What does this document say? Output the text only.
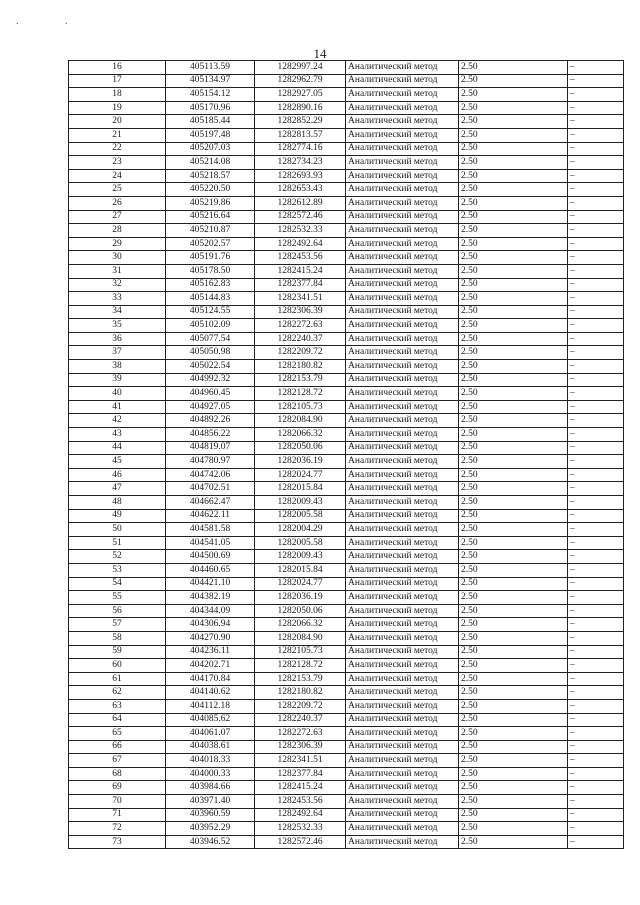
. .
14
16	405113.59	1282997.24	Аналитический метод	2.50	–
17	405134.97	1282962.79	Аналитический метод	2.50	–
18	405154.12	1282927.05	Аналитический метод	2.50	–
19	405170.96	1282890.16	Аналитический метод	2.50	–
20	405185.44	1282852.29	Аналитический метод	2.50	–
21	405197.48	1282813.57	Аналитический метод	2.50	–
22	405207.03	1282774.16	Аналитический метод	2.50	–
23	405214.08	1282734.23	Аналитический метод	2.50	–
24	405218.57	1282693.93	Аналитический метод	2.50	–
25	405220.50	1282653.43	Аналитический метод	2.50	–
26	405219.86	1282612.89	Аналитический метод	2.50	–
27	405216.64	1282572.46	Аналитический метод	2.50	–
28	405210.87	1282532.33	Аналитический метод	2.50	–
29	405202.57	1282492.64	Аналитический метод	2.50	–
30	405191.76	1282453.56	Аналитический метод	2.50	–
31	405178.50	1282415.24	Аналитический метод	2.50	–
32	405162.83	1282377.84	Аналитический метод	2.50	–
33	405144.83	1282341.51	Аналитический метод	2.50	–
34	405124.55	1282306.39	Аналитический метод	2.50	–
35	405102.09	1282272.63	Аналитический метод	2.50	–
36	405077.54	1282240.37	Аналитический метод	2.50	–
37	405050.98	1282209.72	Аналитический метод	2.50	–
38	405022.54	1282180.82	Аналитический метод	2.50	–
39	404992.32	1282153.79	Аналитический метод	2.50	–
40	404960.45	1282128.72	Аналитический метод	2.50	–
41	404927.05	1282105.73	Аналитический метод	2.50	–
42	404892.26	1282084.90	Аналитический метод	2.50	–
43	404856.22	1282066.32	Аналитический метод	2.50	–
44	404819.07	1282050.06	Аналитический метод	2.50	–
45	404780.97	1282036.19	Аналитический метод	2.50	–
46	404742.06	1282024.77	Аналитический метод	2.50	–
47	404702.51	1282015.84	Аналитический метод	2.50	–
48	404662.47	1282009.43	Аналитический метод	2.50	–
49	404622.11	1282005.58	Аналитический метод	2.50	–
50	404581.58	1282004.29	Аналитический метод	2.50	–
51	404541.05	1282005.58	Аналитический метод	2.50	–
52	404500.69	1282009.43	Аналитический метод	2.50	–
53	404460.65	1282015.84	Аналитический метод	2.50	–
54	404421.10	1282024.77	Аналитический метод	2.50	–
55	404382.19	1282036.19	Аналитический метод	2.50	–
56	404344.09	1282050.06	Аналитический метод	2.50	–
57	404306.94	1282066.32	Аналитический метод	2.50	–
58	404270.90	1282084.90	Аналитический метод	2.50	–
59	404236.11	1282105.73	Аналитический метод	2.50	–
60	404202.71	1282128.72	Аналитический метод	2.50	–
61	404170.84	1282153.79	Аналитический метод	2.50	–
62	404140.62	1282180.82	Аналитический метод	2.50	–
63	404112.18	1282209.72	Аналитический метод	2.50	–
64	404085.62	1282240.37	Аналитический метод	2.50	–
65	404061.07	1282272.63	Аналитический метод	2.50	–
66	404038.61	1282306.39	Аналитический метод	2.50	–
67	404018.33	1282341.51	Аналитический метод	2.50	–
68	404000.33	1282377.84	Аналитический метод	2.50	–
69	403984.66	1282415.24	Аналитический метод	2.50	–
70	403971.40	1282453.56	Аналитический метод	2.50	–
71	403960.59	1282492.64	Аналитический метод	2.50	–
72	403952.29	1282532.33	Аналитический метод	2.50	–
73	403946.52	1282572.46	Аналитический метод	2.50	–
